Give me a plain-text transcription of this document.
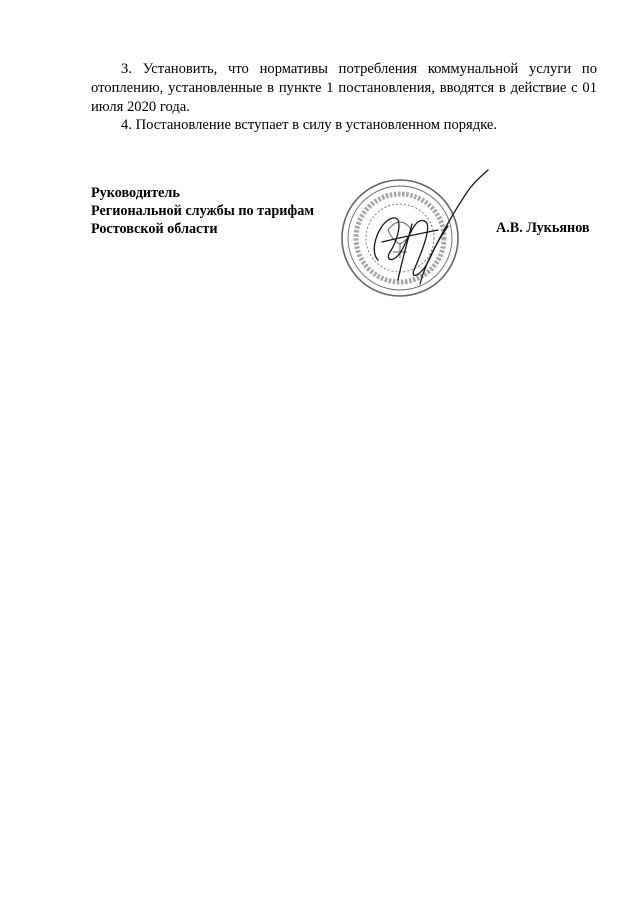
3. Установить, что нормативы потребления коммунальной услуги по отоплению, установленные в пункте 1 постановления, вводятся в действие с 01 июля 2020 года.

4. Постановление вступает в силу в установленном порядке.

Руководитель
Региональной службы по тарифам
Ростовской области	А.В. Лукьянов
